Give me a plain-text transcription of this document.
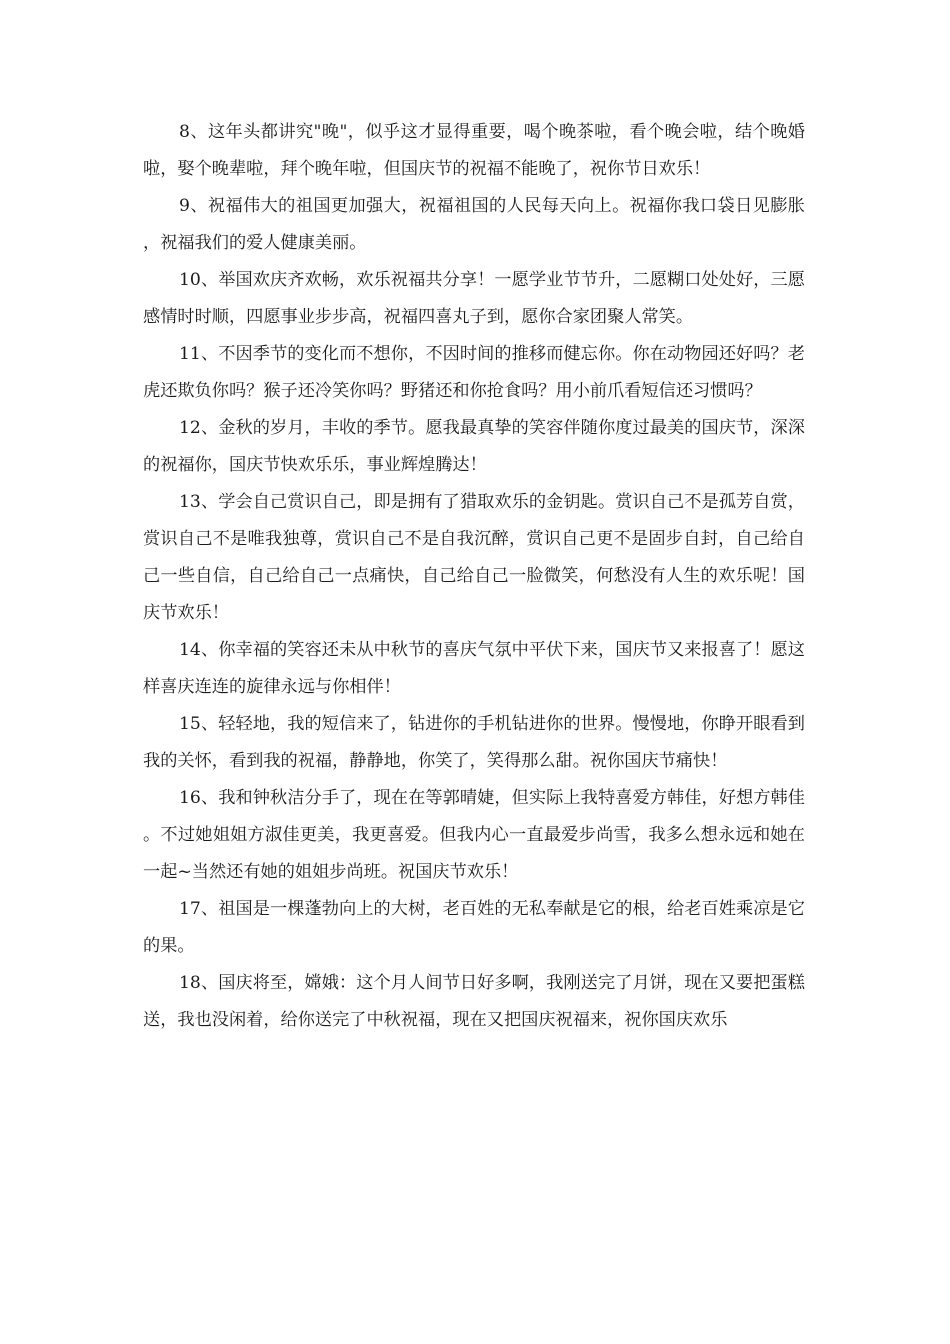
8、这年头都讲究"晚"，似乎这才显得重要，喝个晚茶啦，看个晚会啦，结个晚婚啦，娶个晚辈啦，拜个晚年啦，但国庆节的祝福不能晚了，祝你节日欢乐！

9、祝福伟大的祖国更加强大，祝福祖国的人民每天向上。祝福你我口袋日见膨胀，祝福我们的爱人健康美丽。

10、举国欢庆齐欢畅，欢乐祝福共分享！一愿学业节节升，二愿糊口处处好，三愿感情时时顺，四愿事业步步高，祝福四喜丸子到，愿你合家团聚人常笑。

11、不因季节的变化而不想你，不因时间的推移而健忘你。你在动物园还好吗？老虎还欺负你吗？猴子还冷笑你吗？野猪还和你抢食吗？用小前爪看短信还习惯吗？

12、金秋的岁月，丰收的季节。愿我最真挚的笑容伴随你度过最美的国庆节，深深的祝福你，国庆节快欢乐乐，事业辉煌腾达！

13、学会自己赏识自己，即是拥有了猎取欢乐的金钥匙。赏识自己不是孤芳自赏，赏识自己不是唯我独尊，赏识自己不是自我沉醉，赏识自己更不是固步自封，自己给自己一些自信，自己给自己一点痛快，自己给自己一脸微笑，何愁没有人生的欢乐呢！国庆节欢乐！

14、你幸福的笑容还未从中秋节的喜庆气氛中平伏下来，国庆节又来报喜了！愿这样喜庆连连的旋律永远与你相伴！

15、轻轻地，我的短信来了，钻进你的手机钻进你的世界。慢慢地，你睁开眼看到我的关怀，看到我的祝福，静静地，你笑了，笑得那么甜。祝你国庆节痛快！

16、我和钟秋洁分手了，现在在等郭晴婕，但实际上我特喜爱方韩佳，好想方韩佳。不过她姐姐方淑佳更美，我更喜爱。但我内心一直最爱步尚雪，我多么想永远和她在一起~当然还有她的姐姐步尚班。祝国庆节欢乐！

17、祖国是一棵蓬勃向上的大树，老百姓的无私奉献是它的根，给老百姓乘凉是它的果。

18、国庆将至，嫦娥：这个月人间节日好多啊，我刚送完了月饼，现在又要把蛋糕送，我也没闲着，给你送完了中秋祝福，现在又把国庆祝福来，祝你国庆欢乐
